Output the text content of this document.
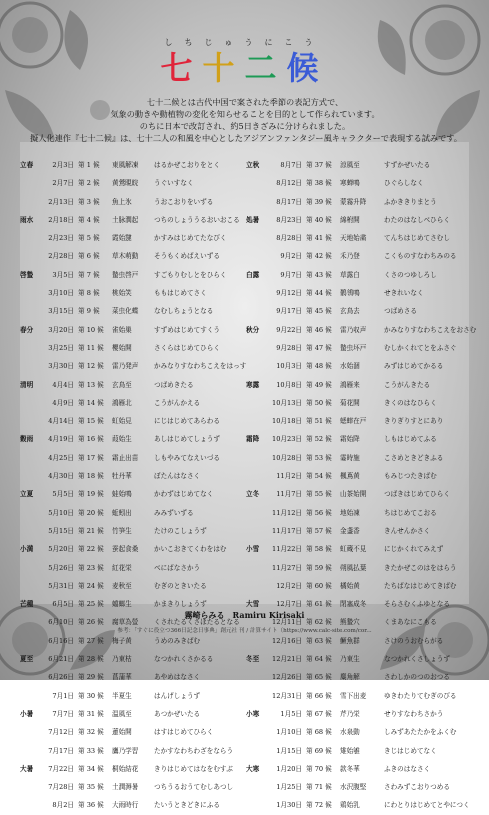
しちじゅうにこう
七十二候
七十二候とは古代中国で案された季節の表記方式で、
気象の動きや動植物の変化を知らせることを目的として作られています。
のちに日本で改訂され、約5日きざみに分けられました。
擬人化連作『七十二候』は、七十二人の和風を中心としたアジアンファンタジー風キャラクターで表現する試みです。
立春	2月3日 第 1 候	東風解凍	はるかぜこおりをとく
2月7日 第 2 候	黄鶯睍睆	うぐいすなく
2月13日 第 3 候	魚上氷	うおこおりをいずる
雨水	2月18日 第 4 候	土脉潤起	つちのしょううるおいおこる
2月23日 第 5 候	霞始靆	かすみはじめてたなびく
2月28日 第 6 候	草木萌動	そうもくめばえいずる
啓蟄	3月5日 第 7 候	蟄虫啓戸	すごもりむしとをひらく
3月10日 第 8 候	桃始笑	ももはじめてさく
3月15日 第 9 候	菜虫化蝶	なむしちょうとなる
春分	3月20日 第 10 候	雀始巣	すずめはじめてすくう
3月25日 第 11 候	櫻始開	さくらはじめてひらく
3月30日 第 12 候	雷乃発声	かみなりすなわちこえをはっす
清明	4月4日 第 13 候	玄鳥至	つばめきたる
4月9日 第 14 候	鴻雁北	こうがんかえる
4月14日 第 15 候	虹始見	にじはじめてあらわる
穀雨	4月19日 第 16 候	葭始生	あしはじめてしょうず
4月25日 第 17 候	霜止出苗	しもやみてなえいづる
4月30日 第 18 候	牡丹華	ぼたんはなさく
立夏	5月5日 第 19 候	蛙始鳴	かわずはじめてなく
5月10日 第 20 候	蚯蚓出	みみずいずる
5月15日 第 21 候	竹笋生	たけのこしょうず
小満	5月20日 第 22 候	蚕起食桑	かいこおきてくわをはむ
5月26日 第 23 候	紅花栄	べにばなさかう
5月31日 第 24 候	麦秋至	むぎのときいたる
芒種	6月5日 第 25 候	蟷螂生	かまきりしょうず
6月10日 第 26 候	腐草為螢	くされたるくさほたるとなる
6月16日 第 27 候	梅子黄	うめのみきばむ
夏至	6月21日 第 28 候	乃東枯	なつかれくさかるる
6月26日 第 29 候	菖蒲華	あやめはなさく
7月1日 第 30 候	半夏生	はんげしょうず
小暑	7月7日 第 31 候	温風至	あつかぜいたる
7月12日 第 32 候	蓮始開	はすはじめてひらく
7月17日 第 33 候	鷹乃学習	たかすなわちわざをならう
大暑	7月22日 第 34 候	桐始結花	きりはじめてはなをむすぶ
7月28日 第 35 候	土潤溽暑	つちうるおうてむしあつし
8月2日 第 36 候	大雨時行	たいうときどきにふる
立秋	8月7日 第 37 候	涼風至	すずかぜいたる
8月12日 第 38 候	寒蝉鳴	ひぐらしなく
8月17日 第 39 候	蒙霧升降	ふかききりまとう
処暑	8月23日 第 40 候	綿柎開	わたのはなしべひらく
8月28日 第 41 候	天地始粛	てんちはじめてさむし
9月2日 第 42 候	禾乃登	こくものすなわちみのる
白露	9月7日 第 43 候	草露白	くさのつゆしろし
9月12日 第 44 候	鶺鴒鳴	せきれいなく
9月17日 第 45 候	玄鳥去	つばめさる
秋分	9月22日 第 46 候	雷乃収声	かみなりすなわちこえをおさむ
9月28日 第 47 候	蟄虫坏戸	むしかくれてとをふさぐ
10月3日 第 48 候	水始涸	みずはじめてかるる
寒露	10月8日 第 49 候	鴻雁来	こうがんきたる
10月13日 第 50 候	菊花開	きくのはなひらく
10月18日 第 51 候	蟋蟀在戸	きりぎりすとにあり
霜降	10月23日 第 52 候	霜始降	しもはじめてふる
10月28日 第 53 候	霎時施	こさめときどきふる
11月2日 第 54 候	楓蔦黄	もみじつたきばむ
立冬	11月7日 第 55 候	山茶始開	つばきはじめてひらく
11月12日 第 56 候	地始凍	ちはじめてこおる
11月17日 第 57 候	金盞香	きんせんかさく
小雪	11月22日 第 58 候	虹蔵不見	にじかくれてみえず
11月27日 第 59 候	朔風払葉	きたかぜこのはをはらう
12月2日 第 60 候	橘始黄	たちばなはじめてきばむ
大雪	12月7日 第 61 候	閉塞成冬	そらさむくふゆとなる
12月11日 第 62 候	熊蟄穴	くまあなにこもる
12月16日 第 63 候	鱖魚群	さけのうおむらがる
冬至	12月21日 第 64 候	乃東生	なつかれくさしょうず
12月26日 第 65 候	麋角解	さわしかのつのおつる
12月31日 第 66 候	雪下出麦	ゆきわたりてむぎのびる
小寒	1月5日 第 67 候	芹乃栄	せりすなわちさかう
1月10日 第 68 候	水泉動	しみずあたたかをふくむ
1月15日 第 69 候	雉始雊	きじはじめてなく
大寒	1月20日 第 70 候	款冬華	ふきのはなさく
1月25日 第 71 候	水沢腹堅	さわみずこおりつめる
1月30日 第 72 候	鶏始乳	にわとりはじめてとやにつく
霧崎らみる　Ramiru Kirisaki
参考：「すぐに役立つ366日記念日事典」創元社 刊 / 計算サイト（https://www.calc-site.com/cor...
